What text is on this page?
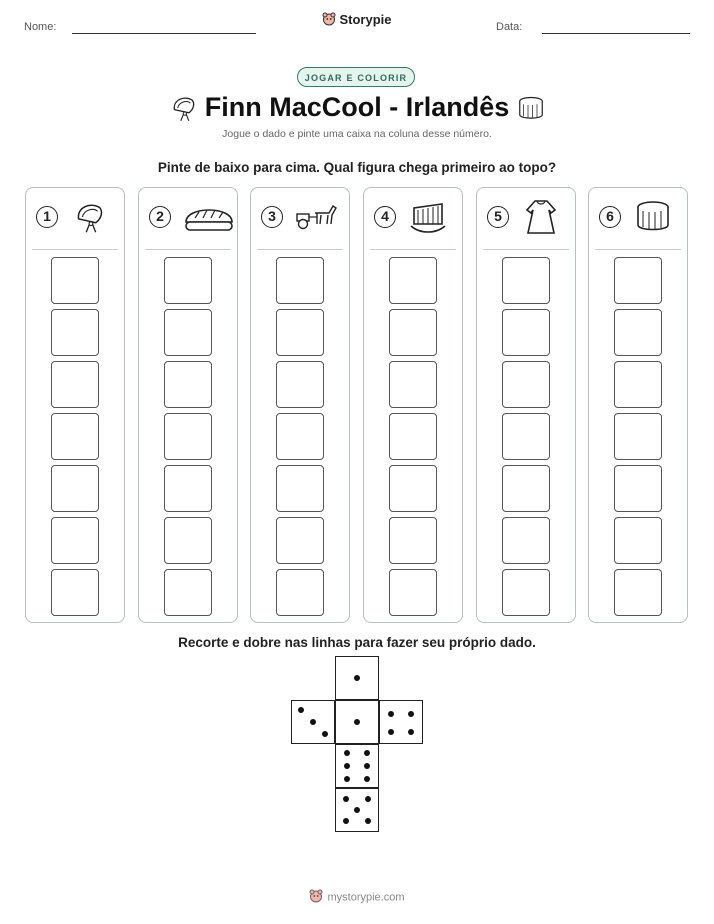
Nome:	Storypie	Data:
JOGAR E COLORIR
Finn MacCool - Irlandês
Jogue o dado e pinte uma caixa na coluna desse número.
Pinte de baixo para cima. Qual figura chega primeiro ao topo?
1	2	3	4	5	6
Recorte e dobre nas linhas para fazer seu próprio dado.
mystorypie.com
